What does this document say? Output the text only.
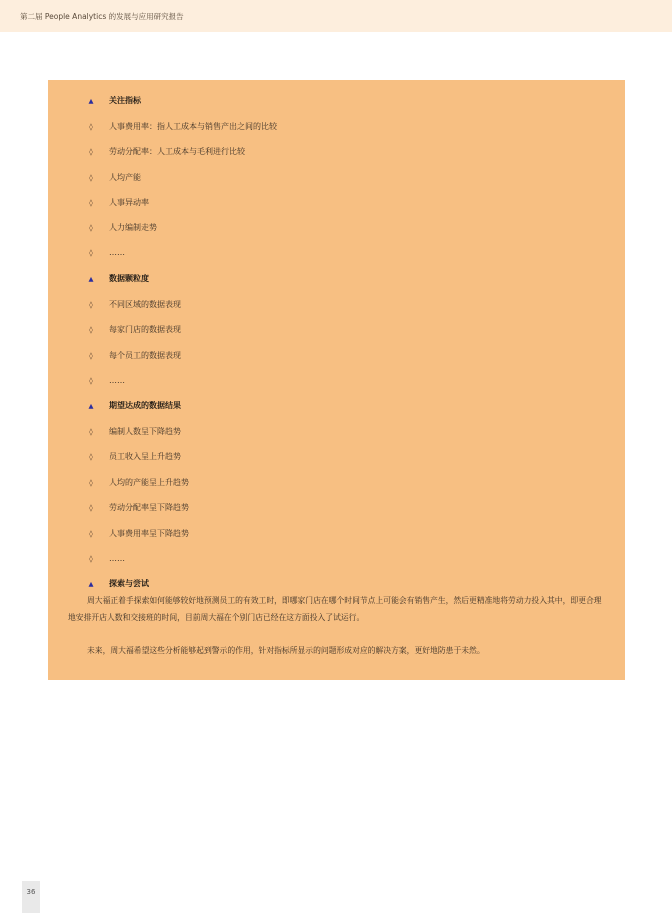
第二届 People Analytics 的发展与应用研究报告
▲	关注指标
◊	人事费用率：指人工成本与销售产出之间的比较
◊	劳动分配率：人工成本与毛利进行比较
◊	人均产能
◊	人事异动率
◊	人力编制走势
◊	……
▲	数据颗粒度
◊	不同区域的数据表现
◊	每家门店的数据表现
◊	每个员工的数据表现
◊	……
▲	期望达成的数据结果
◊	编制人数呈下降趋势
◊	员工收入呈上升趋势
◊	人均的产能呈上升趋势
◊	劳动分配率呈下降趋势
◊	人事费用率呈下降趋势
◊	……
▲	探索与尝试

周大福正着手探索如何能够较好地预测员工的有效工时，即哪家门店在哪个时间节点上可能会有销售产生，然后更精准地将劳动力投入其中，即更合理地安排开店人数和交接班的时间，目前周大福在个别门店已经在这方面投入了试运行。

未来，周大福希望这些分析能够起到警示的作用，针对指标所显示的问题形成对应的解决方案，更好地防患于未然。

36
